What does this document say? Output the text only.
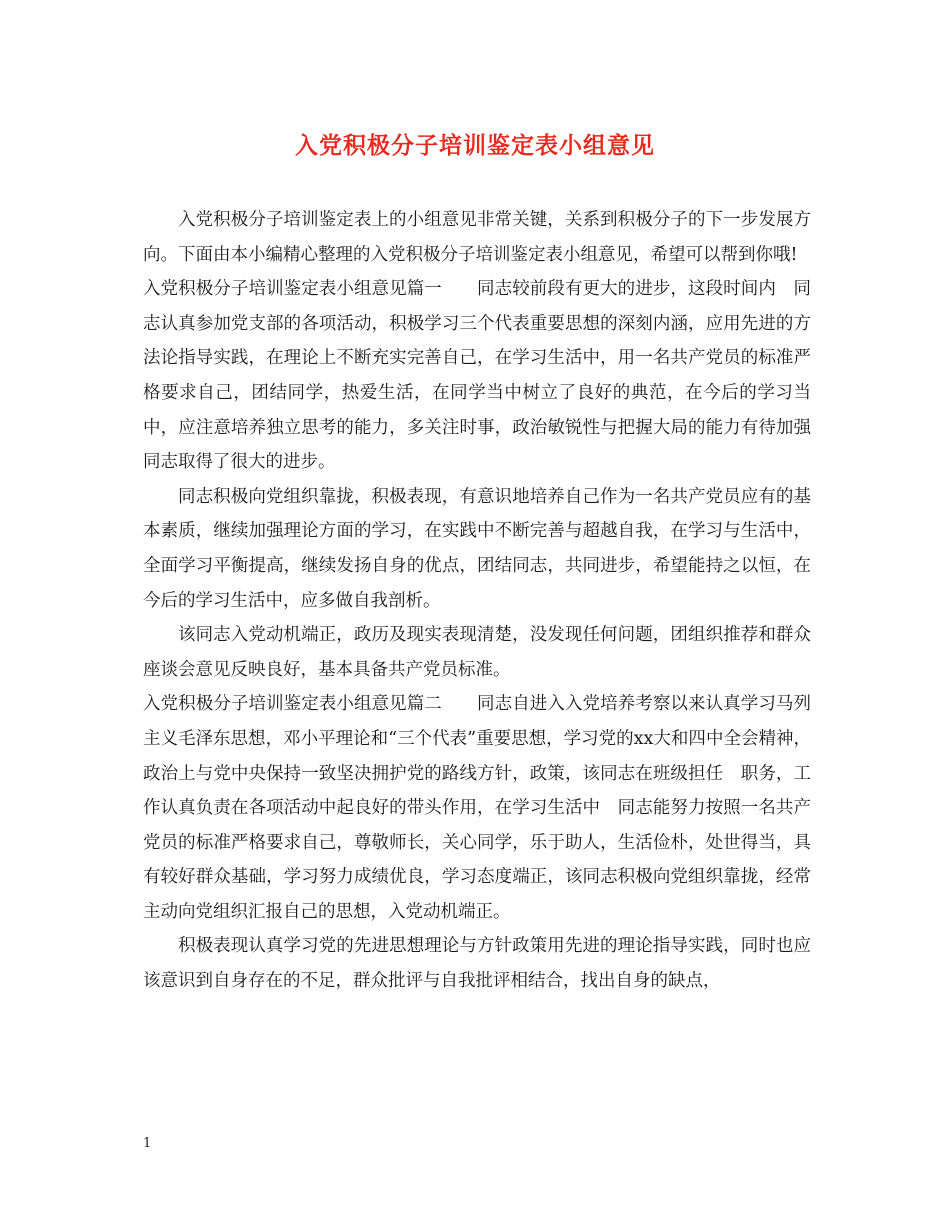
入党积极分子培训鉴定表小组意见

入党积极分子培训鉴定表上的小组意见非常关键，关系到积极分子的下一步发展方向。下面由本小编精心整理的入党积极分子培训鉴定表小组意见，希望可以帮到你哦!

入党积极分子培训鉴定表小组意见篇一　　同志较前段有更大的进步，这段时间内　同志认真参加党支部的各项活动，积极学习三个代表重要思想的深刻内涵，应用先进的方法论指导实践，在理论上不断充实完善自己，在学习生活中，用一名共产党员的标准严格要求自己，团结同学，热爱生活，在同学当中树立了良好的典范，在今后的学习当中，应注意培养独立思考的能力，多关注时事，政治敏锐性与把握大局的能力有待加强同志取得了很大的进步。

同志积极向党组织靠拢，积极表现，有意识地培养自己作为一名共产党员应有的基本素质，继续加强理论方面的学习，在实践中不断完善与超越自我，在学习与生活中，全面学习平衡提高，继续发扬自身的优点，团结同志，共同进步，希望能持之以恒，在今后的学习生活中，应多做自我剖析。

该同志入党动机端正，政历及现实表现清楚，没发现任何问题，团组织推荐和群众座谈会意见反映良好，基本具备共产党员标准。

入党积极分子培训鉴定表小组意见篇二　　同志自进入入党培养考察以来认真学习马列主义毛泽东思想，邓小平理论和“三个代表”重要思想，学习党的xx大和四中全会精神，政治上与党中央保持一致坚决拥护党的路线方针，政策，该同志在班级担任　职务，工作认真负责在各项活动中起良好的带头作用，在学习生活中　同志能努力按照一名共产党员的标准严格要求自己，尊敬师长，关心同学，乐于助人，生活俭朴，处世得当，具有较好群众基础，学习努力成绩优良，学习态度端正，该同志积极向党组织靠拢，经常主动向党组织汇报自己的思想，入党动机端正。

积极表现认真学习党的先进思想理论与方针政策用先进的理论指导实践，同时也应该意识到自身存在的不足，群众批评与自我批评相结合，找出自身的缺点，

1
